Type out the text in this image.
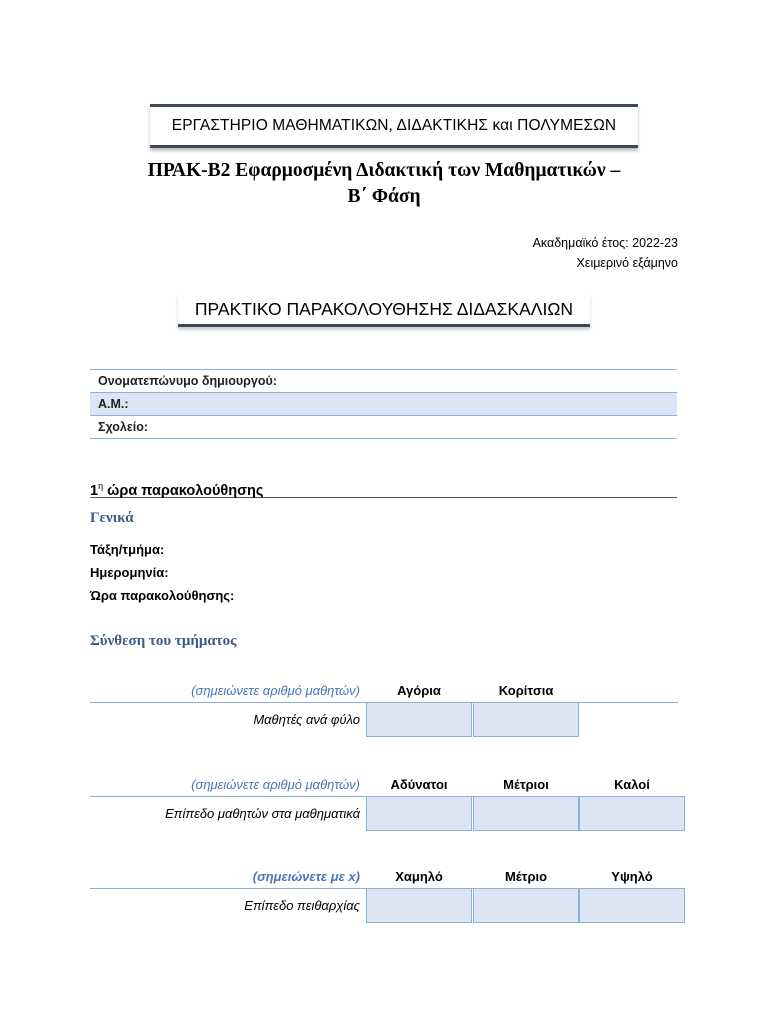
ΕΡΓΑΣΤΗΡΙΟ ΜΑΘΗΜΑΤΙΚΩΝ, ΔΙΔΑΚΤΙΚΗΣ και ΠΟΛΥΜΕΣΩΝ
ΠΡΑΚ-Β2 Εφαρμοσμένη Διδακτική των Μαθηματικών –
Β΄ Φάση
Ακαδημαϊκό έτος: 2022-23
Χειμερινό εξάμηνο
ΠΡΑΚΤΙΚΟ ΠΑΡΑΚΟΛΟΥΘΗΣΗΣ ΔΙΔΑΣΚΑΛΙΩΝ
Ονοματεπώνυμο δημιουργού:
Α.Μ.:
Σχολείο:
$1^\eta$ ώρα παρακολούθησης
Γενικά
Τάξη/τμήμα:
Ημερομηνία:
Ώρα παρακολούθησης:
Σύνθεση του τμήματος
(σημειώνετε αριθμό μαθητών)	Αγόρια	Κορίτσια
Μαθητές ανά φύλο
(σημειώνετε αριθμό μαθητών)	Αδύνατοι	Μέτριοι	Καλοί
Επίπεδο μαθητών στα μαθηματικά
(σημειώνετε με x)	Χαμηλό	Μέτριο	Υψηλό
Επίπεδο πειθαρχίας
